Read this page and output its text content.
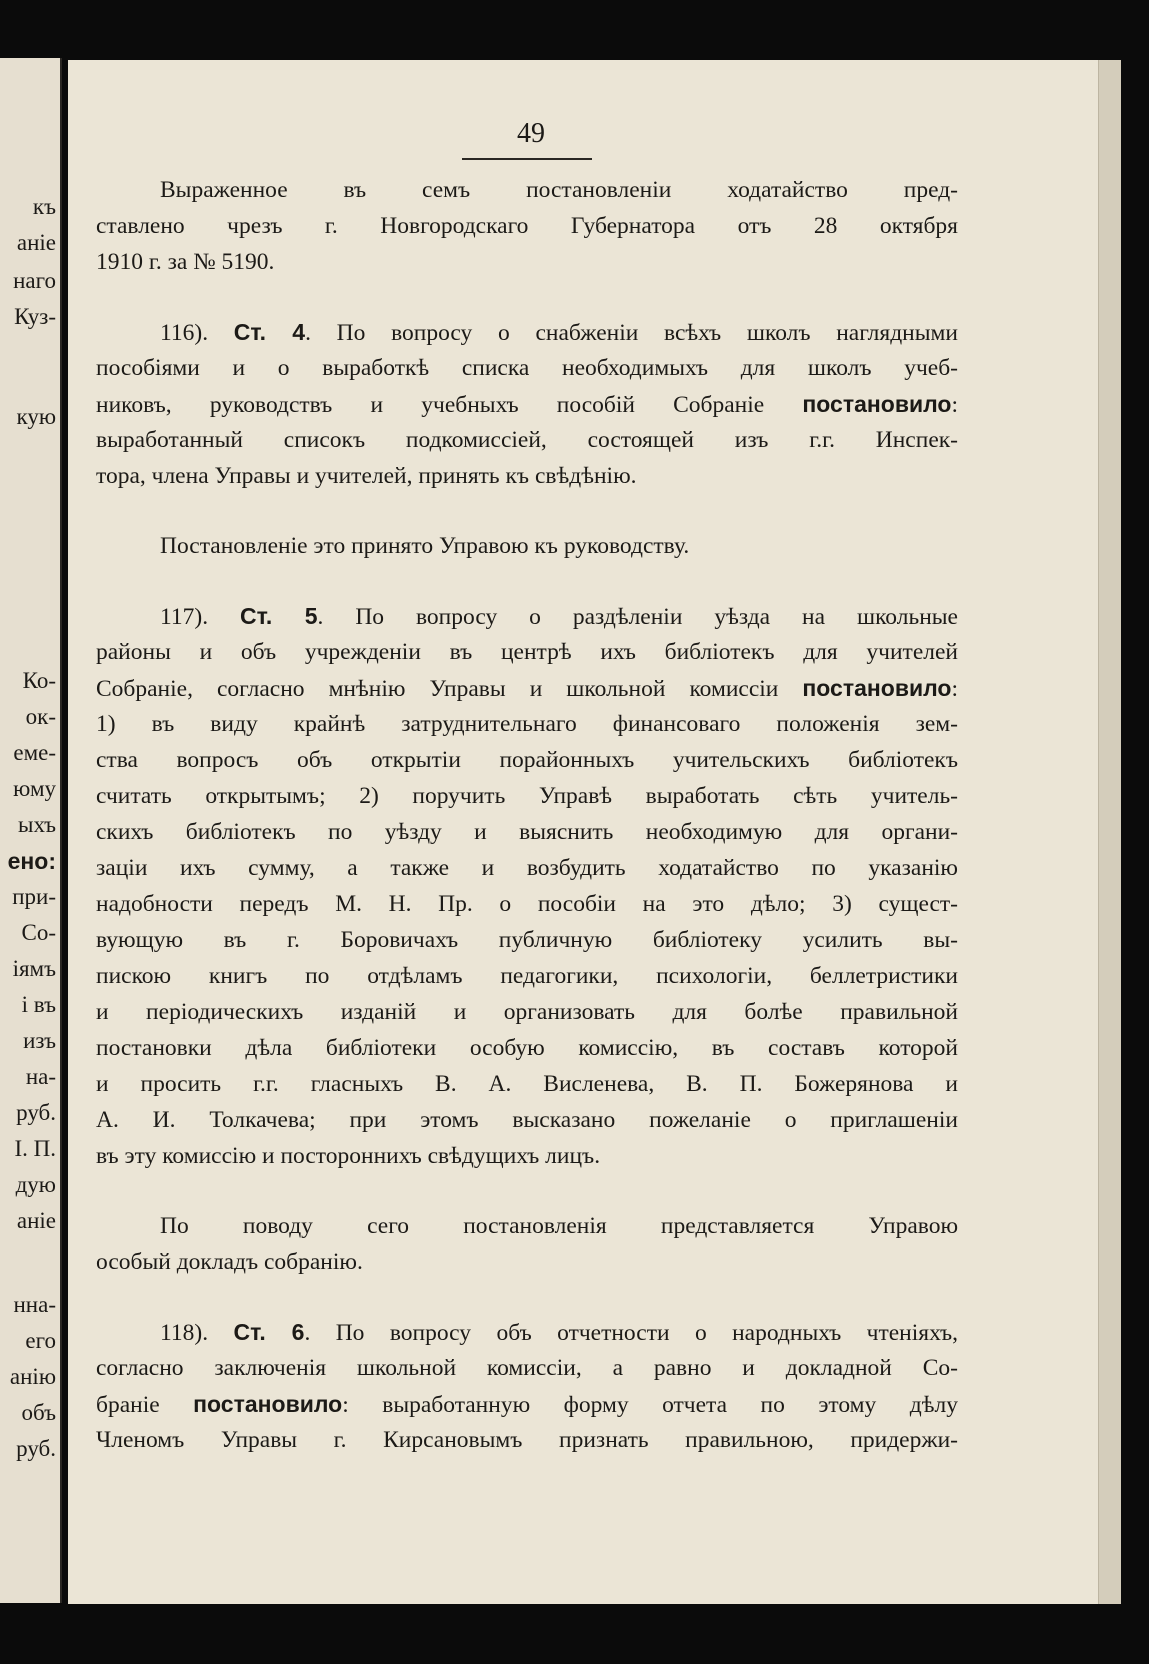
къ
аніе
наго
Куз-
кую
Ко-
ок-
еме-
юму
ыхъ
ено:
при-
Со-
іямъ
і въ
изъ
на-
руб.
І. П.
дую
аніе
нна-
его
анію
объ
руб.
49
Выраженное въ семъ постановленіи ходатайство пред-
ставлено чрезъ г. Новгородскаго Губернатора отъ 28 октября
1910 г. за № 5190.
116). Ст. 4. По вопросу о снабженіи всѣхъ школъ наглядными
пособіями и о выработкѣ списка необходимыхъ для школъ учеб-
никовъ, руководствъ и учебныхъ пособій Собраніе постановило:
выработанный списокъ подкомиссіей, состоящей изъ г.г. Инспек-
тора, члена Управы и учителей, принять къ свѣдѣнію.
Постановленіе это принято Управою къ руководству.
117). Ст. 5. По вопросу о раздѣленіи уѣзда на школьные
районы и объ учрежденіи въ центрѣ ихъ библіотекъ для учителей
Собраніе, согласно мнѣнію Управы и школьной комиссіи постановило:
1) въ виду крайнѣ затруднительнаго финансоваго положенія зем-
ства вопросъ объ открытіи порайонныхъ учительскихъ библіотекъ
считать открытымъ; 2) поручить Управѣ выработать сѣть учитель-
скихъ библіотекъ по уѣзду и выяснить необходимую для органи-
заціи ихъ сумму, а также и возбудить ходатайство по указанію
надобности передъ М. Н. Пр. о пособіи на это дѣло; 3) сущест-
вующую въ г. Боровичахъ публичную библіотеку усилить вы-
пискою книгъ по отдѣламъ педагогики, психологіи, беллетристики
и періодическихъ изданій и организовать для болѣе правильной
постановки дѣла библіотеки особую комиссію, въ составъ которой
и просить г.г. гласныхъ В. А. Висленева, В. П. Божерянова и
А. И. Толкачева; при этомъ высказано пожеланіе о приглашеніи
въ эту комиссію и постороннихъ свѣдущихъ лицъ.
По поводу сего постановленія представляется Управою
особый докладъ собранію.
118). Ст. 6. По вопросу объ отчетности о народныхъ чтеніяхъ,
согласно заключенія школьной комиссіи, а равно и докладной Со-
браніе постановило: выработанную форму отчета по этому дѣлу
Членомъ Управы г. Кирсановымъ признать правильною, придержи-
